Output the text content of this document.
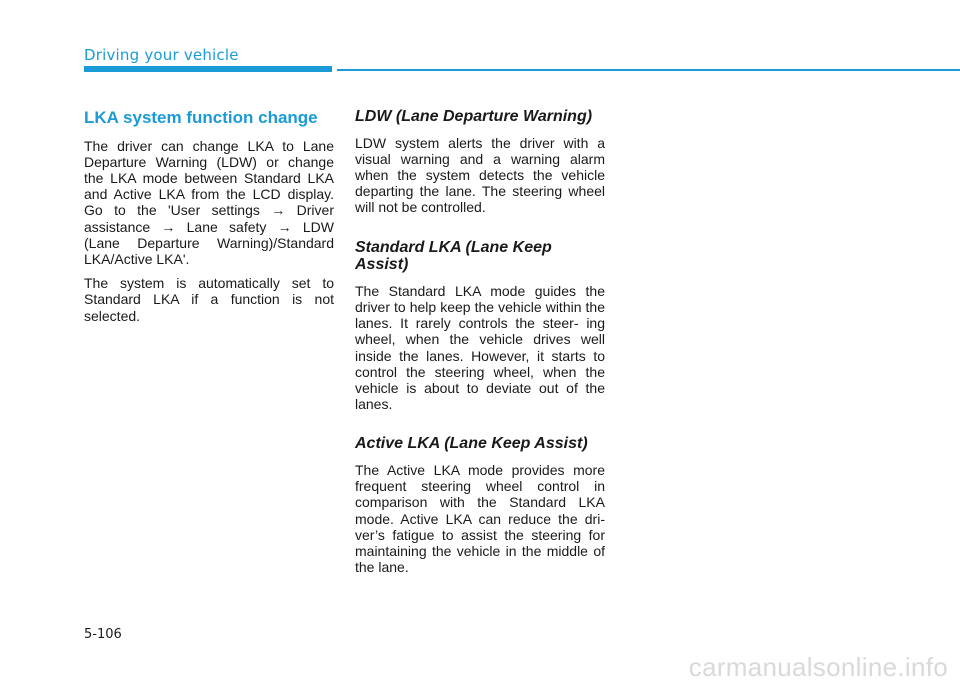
Driving your vehicle
LKA system function change

The driver can change LKA to Lane Departure Warning (LDW) or change the LKA mode between Standard LKA and Active LKA from the LCD display. Go to the 'User settings → Driver assistance → Lane safety → LDW (Lane Departure Warning)/Standard LKA/Active LKA'.

The system is automatically set to Standard LKA if a function is not selected.

LDW (Lane Departure Warning)

LDW system alerts the driver with a visual warning and a warning alarm when the system detects the vehicle departing the lane. The steering wheel will not be controlled.

Standard LKA (Lane Keep Assist)

The Standard LKA mode guides the driver to help keep the vehicle within the lanes. It rarely controls the steer- ing wheel, when the vehicle drives well inside the lanes. However, it starts to control the steering wheel, when the vehicle is about to deviate out of the lanes.

Active LKA (Lane Keep Assist)

The Active LKA mode provides more frequent steering wheel control in comparison with the Standard LKA mode. Active LKA can reduce the dri- ver’s fatigue to assist the steering for maintaining the vehicle in the middle of the lane.

5-106
carmanualsonline.info
